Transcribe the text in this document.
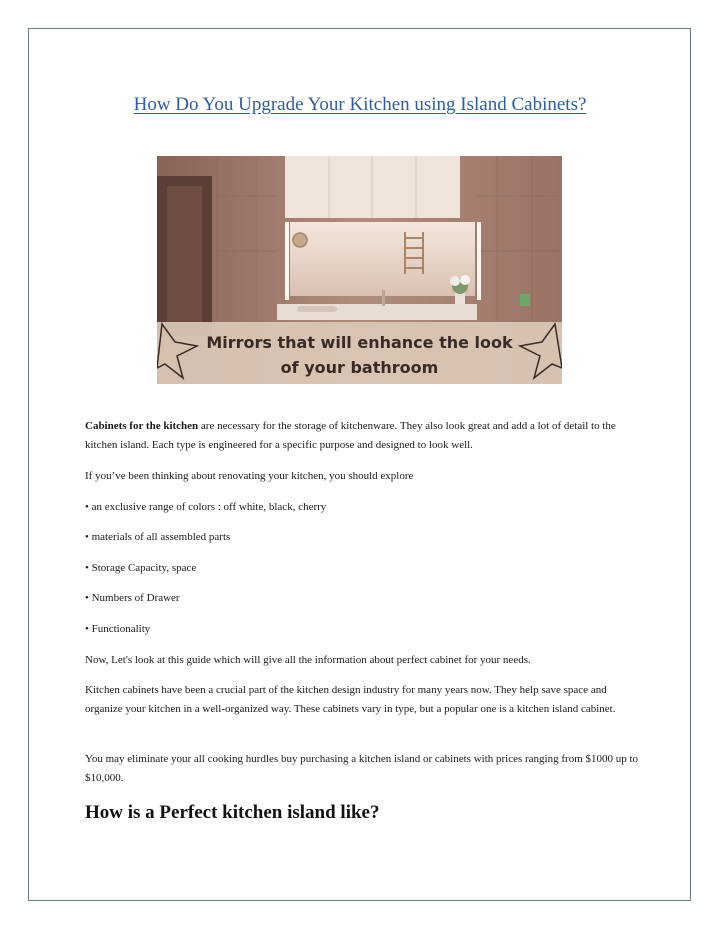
How Do You Upgrade Your Kitchen using Island Cabinets?
Mirrors that will enhance the look
of your bathroom

Cabinets for the kitchen are necessary for the storage of kitchenware. They also look great and add a lot of detail to the kitchen island. Each type is engineered for a specific purpose and designed to look well.

If you’ve been thinking about renovating your kitchen, you should explore
• an exclusive range of colors : off white, black, cherry
• materials of all assembled parts
• Storage Capacity, space
• Numbers of Drawer
• Functionality
Now, Let's look at this guide which will give all the information about perfect cabinet for your needs.
Kitchen cabinets have been a crucial part of the kitchen design industry for many years now. They help save space and organize your kitchen in a well-organized way. These cabinets vary in type, but a popular one is a kitchen island cabinet.
You may eliminate your all cooking hurdles buy purchasing a kitchen island or cabinets with prices ranging from $1000 up to $10,000.
How is a Perfect kitchen island like?
